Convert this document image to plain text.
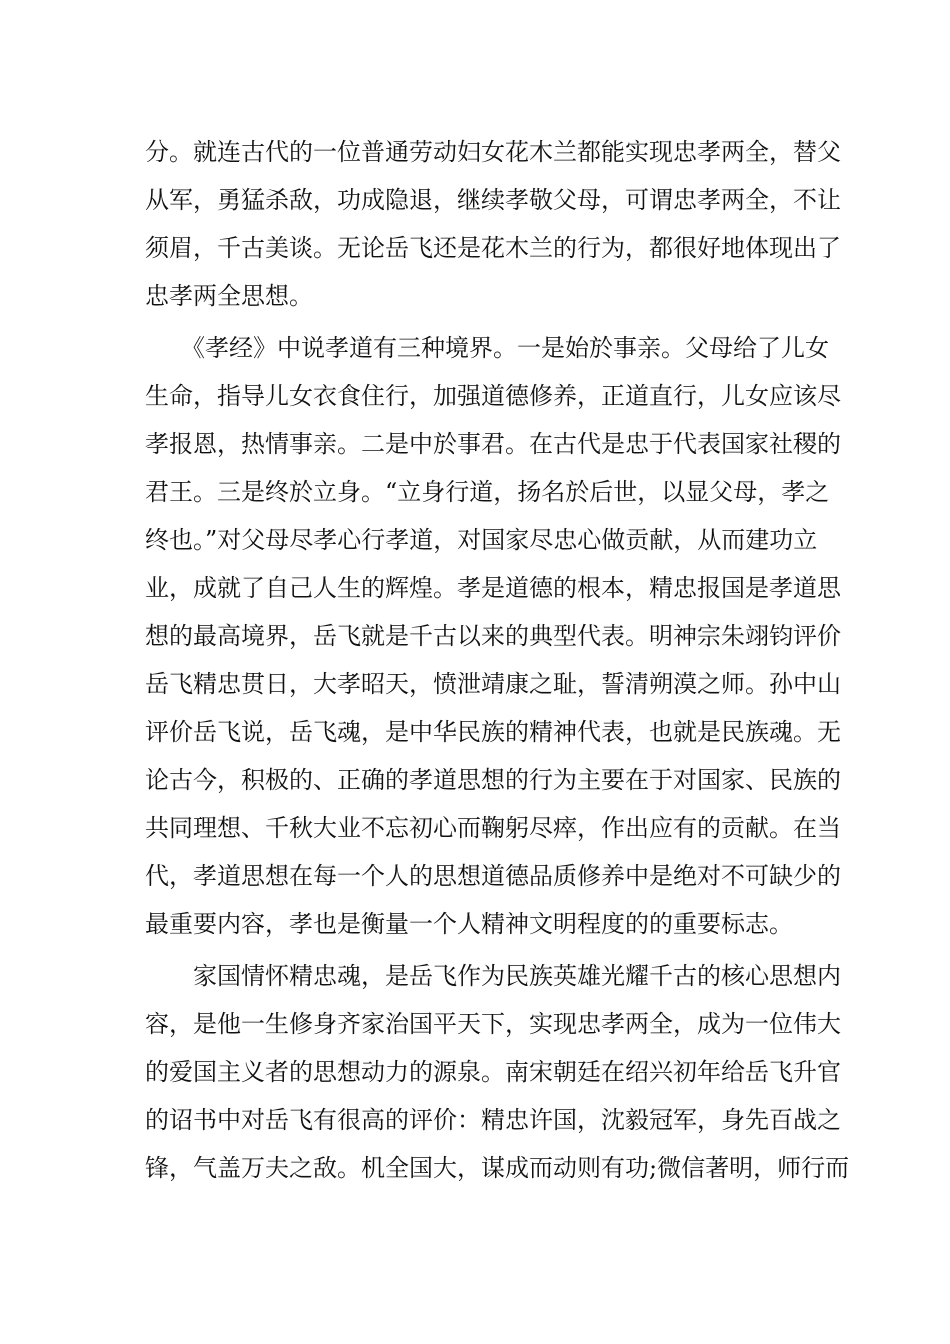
分。就连古代的一位普通劳动妇女花木兰都能实现忠孝两全，替父
从军，勇猛杀敌，功成隐退，继续孝敬父母，可谓忠孝两全，不让
须眉，千古美谈。无论岳飞还是花木兰的行为，都很好地体现出了
忠孝两全思想。
　　《孝经》中说孝道有三种境界。一是始於事亲。父母给了儿女
生命，指导儿女衣食住行，加强道德修养，正道直行，儿女应该尽
孝报恩，热情事亲。二是中於事君。在古代是忠于代表国家社稷的
君王。三是终於立身。“立身行道，扬名於后世，以显父母，孝之
终也。”对父母尽孝心行孝道，对国家尽忠心做贡献，从而建功立
业，成就了自己人生的辉煌。孝是道德的根本，精忠报国是孝道思
想的最高境界，岳飞就是千古以来的典型代表。明神宗朱翊钧评价
岳飞精忠贯日，大孝昭天，愤泄靖康之耻，誓清朔漠之师。孙中山
评价岳飞说，岳飞魂，是中华民族的精神代表，也就是民族魂。无
论古今，积极的、正确的孝道思想的行为主要在于对国家、民族的
共同理想、千秋大业不忘初心而鞠躬尽瘁，作出应有的贡献。在当
代，孝道思想在每一个人的思想道德品质修养中是绝对不可缺少的
最重要内容，孝也是衡量一个人精神文明程度的的重要标志。
　　家国情怀精忠魂，是岳飞作为民族英雄光耀千古的核心思想内
容，是他一生修身齐家治国平天下，实现忠孝两全，成为一位伟大
的爱国主义者的思想动力的源泉。南宋朝廷在绍兴初年给岳飞升官
的诏书中对岳飞有很高的评价：精忠许国，沈毅冠军，身先百战之
锋，气盖万夫之敌。机全国大，谋成而动则有功;微信著明，师行而
